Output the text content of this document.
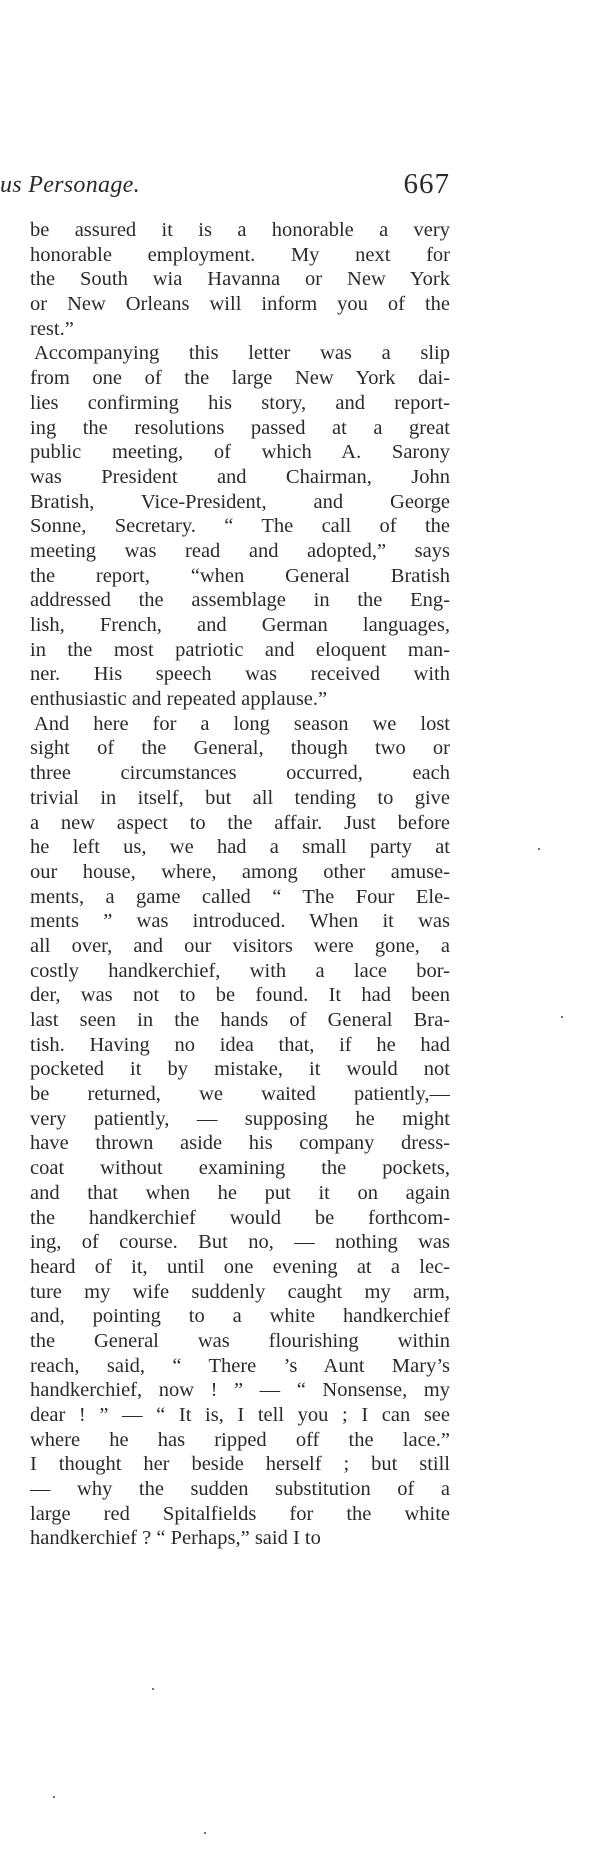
us Personage.	667
be assured it is a honorable a very
honorable employment. My next for
the South wia Havanna or New York
or New Orleans will inform you of the
rest.”
Accompanying this letter was a slip
from one of the large New York dai-
lies confirming his story, and report-
ing the resolutions passed at a great
public meeting, of which A. Sarony
was President and Chairman, John
Bratish, Vice-President, and George
Sonne, Secretary. “ The call of the
meeting was read and adopted,” says
the report, “when General Bratish
addressed the assemblage in the Eng-
lish, French, and German languages,
in the most patriotic and eloquent man-
ner. His speech was received with
enthusiastic and repeated applause.”
And here for a long season we lost
sight of the General, though two or
three circumstances occurred, each
trivial in itself, but all tending to give
a new aspect to the affair. Just before
he left us, we had a small party at
our house, where, among other amuse-
ments, a game called “ The Four Ele-
ments ” was introduced. When it was
all over, and our visitors were gone, a
costly handkerchief, with a lace bor-
der, was not to be found. It had been
last seen in the hands of General Bra-
tish. Having no idea that, if he had
pocketed it by mistake, it would not
be returned, we waited patiently,—
very patiently, — supposing he might
have thrown aside his company dress-
coat without examining the pockets,
and that when he put it on again
the handkerchief would be forthcom-
ing, of course. But no, — nothing was
heard of it, until one evening at a lec-
ture my wife suddenly caught my arm,
and, pointing to a white handkerchief
the General was flourishing within
reach, said, “ There ’s Aunt Mary’s
handkerchief, now ! ” — “ Nonsense, my
dear ! ” — “ It is, I tell you ; I can see
where he has ripped off the lace.”
I thought her beside herself ; but still
— why the sudden substitution of a
large red Spitalfields for the white
handkerchief ? “ Perhaps,” said I to
